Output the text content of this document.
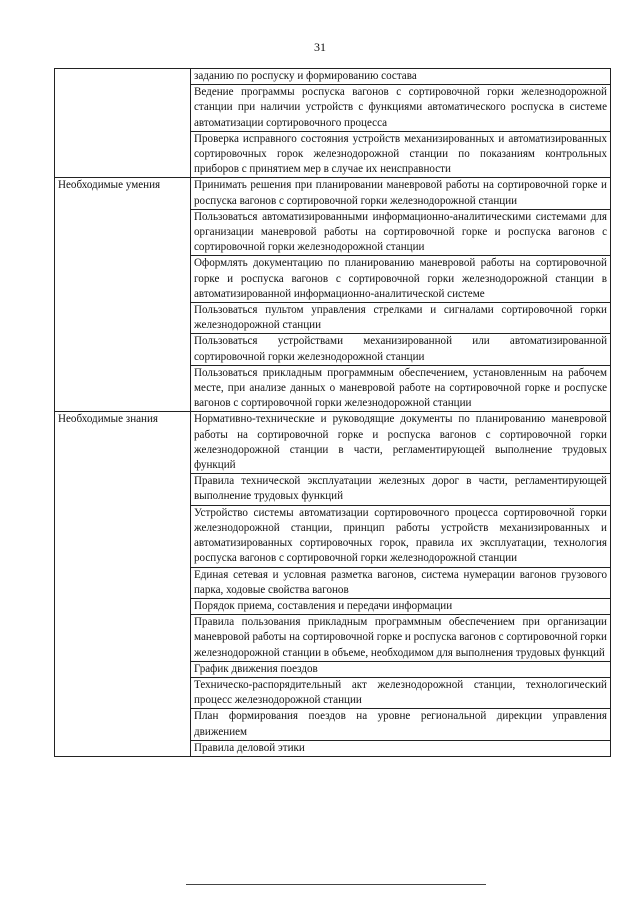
31
	заданию по роспуску и формированию состава
	Ведение программы роспуска вагонов с сортировочной горки железнодорожной станции при наличии устройств с функциями автоматического роспуска в системе автоматизации сортировочного процесса
	Проверка исправного состояния устройств механизированных и автоматизированных сортировочных горок железнодорожной станции по показаниям контрольных приборов с принятием мер в случае их неисправности
Необходимые умения	Принимать решения при планировании маневровой работы на сортировочной горке и роспуска вагонов с сортировочной горки железнодорожной станции
	Пользоваться автоматизированными информационно-аналитическими системами для организации маневровой работы на сортировочной горке и роспуска вагонов с сортировочной горки железнодорожной станции
	Оформлять документацию по планированию маневровой работы на сортировочной горке и роспуска вагонов с сортировочной горки железнодорожной станции в автоматизированной информационно-аналитической системе
	Пользоваться пультом управления стрелками и сигналами сортировочной горки железнодорожной станции
	Пользоваться устройствами механизированной или автоматизированной сортировочной горки железнодорожной станции
	Пользоваться прикладным программным обеспечением, установленным на рабочем месте, при анализе данных о маневровой работе на сортировочной горке и роспуске вагонов с сортировочной горки железнодорожной станции
Необходимые знания	Нормативно-технические и руководящие документы по планированию маневровой работы на сортировочной горке и роспуска вагонов с сортировочной горки железнодорожной станции в части, регламентирующей выполнение трудовых функций
	Правила технической эксплуатации железных дорог в части, регламентирующей выполнение трудовых функций
	Устройство системы автоматизации сортировочного процесса сортировочной горки железнодорожной станции, принцип работы устройств механизированных и автоматизированных сортировочных горок, правила их эксплуатации, технология роспуска вагонов с сортировочной горки железнодорожной станции
	Единая сетевая и условная разметка вагонов, система нумерации вагонов грузового парка, ходовые свойства вагонов
	Порядок приема, составления и передачи информации
	Правила пользования прикладным программным обеспечением при организации маневровой работы на сортировочной горке и роспуска вагонов с сортировочной горки железнодорожной станции в объеме, необходимом для выполнения трудовых функций
	График движения поездов
	Техническо-распорядительный акт железнодорожной станции, технологический процесс железнодорожной станции
	План формирования поездов на уровне региональной дирекции управления движением
	Правила деловой этики
